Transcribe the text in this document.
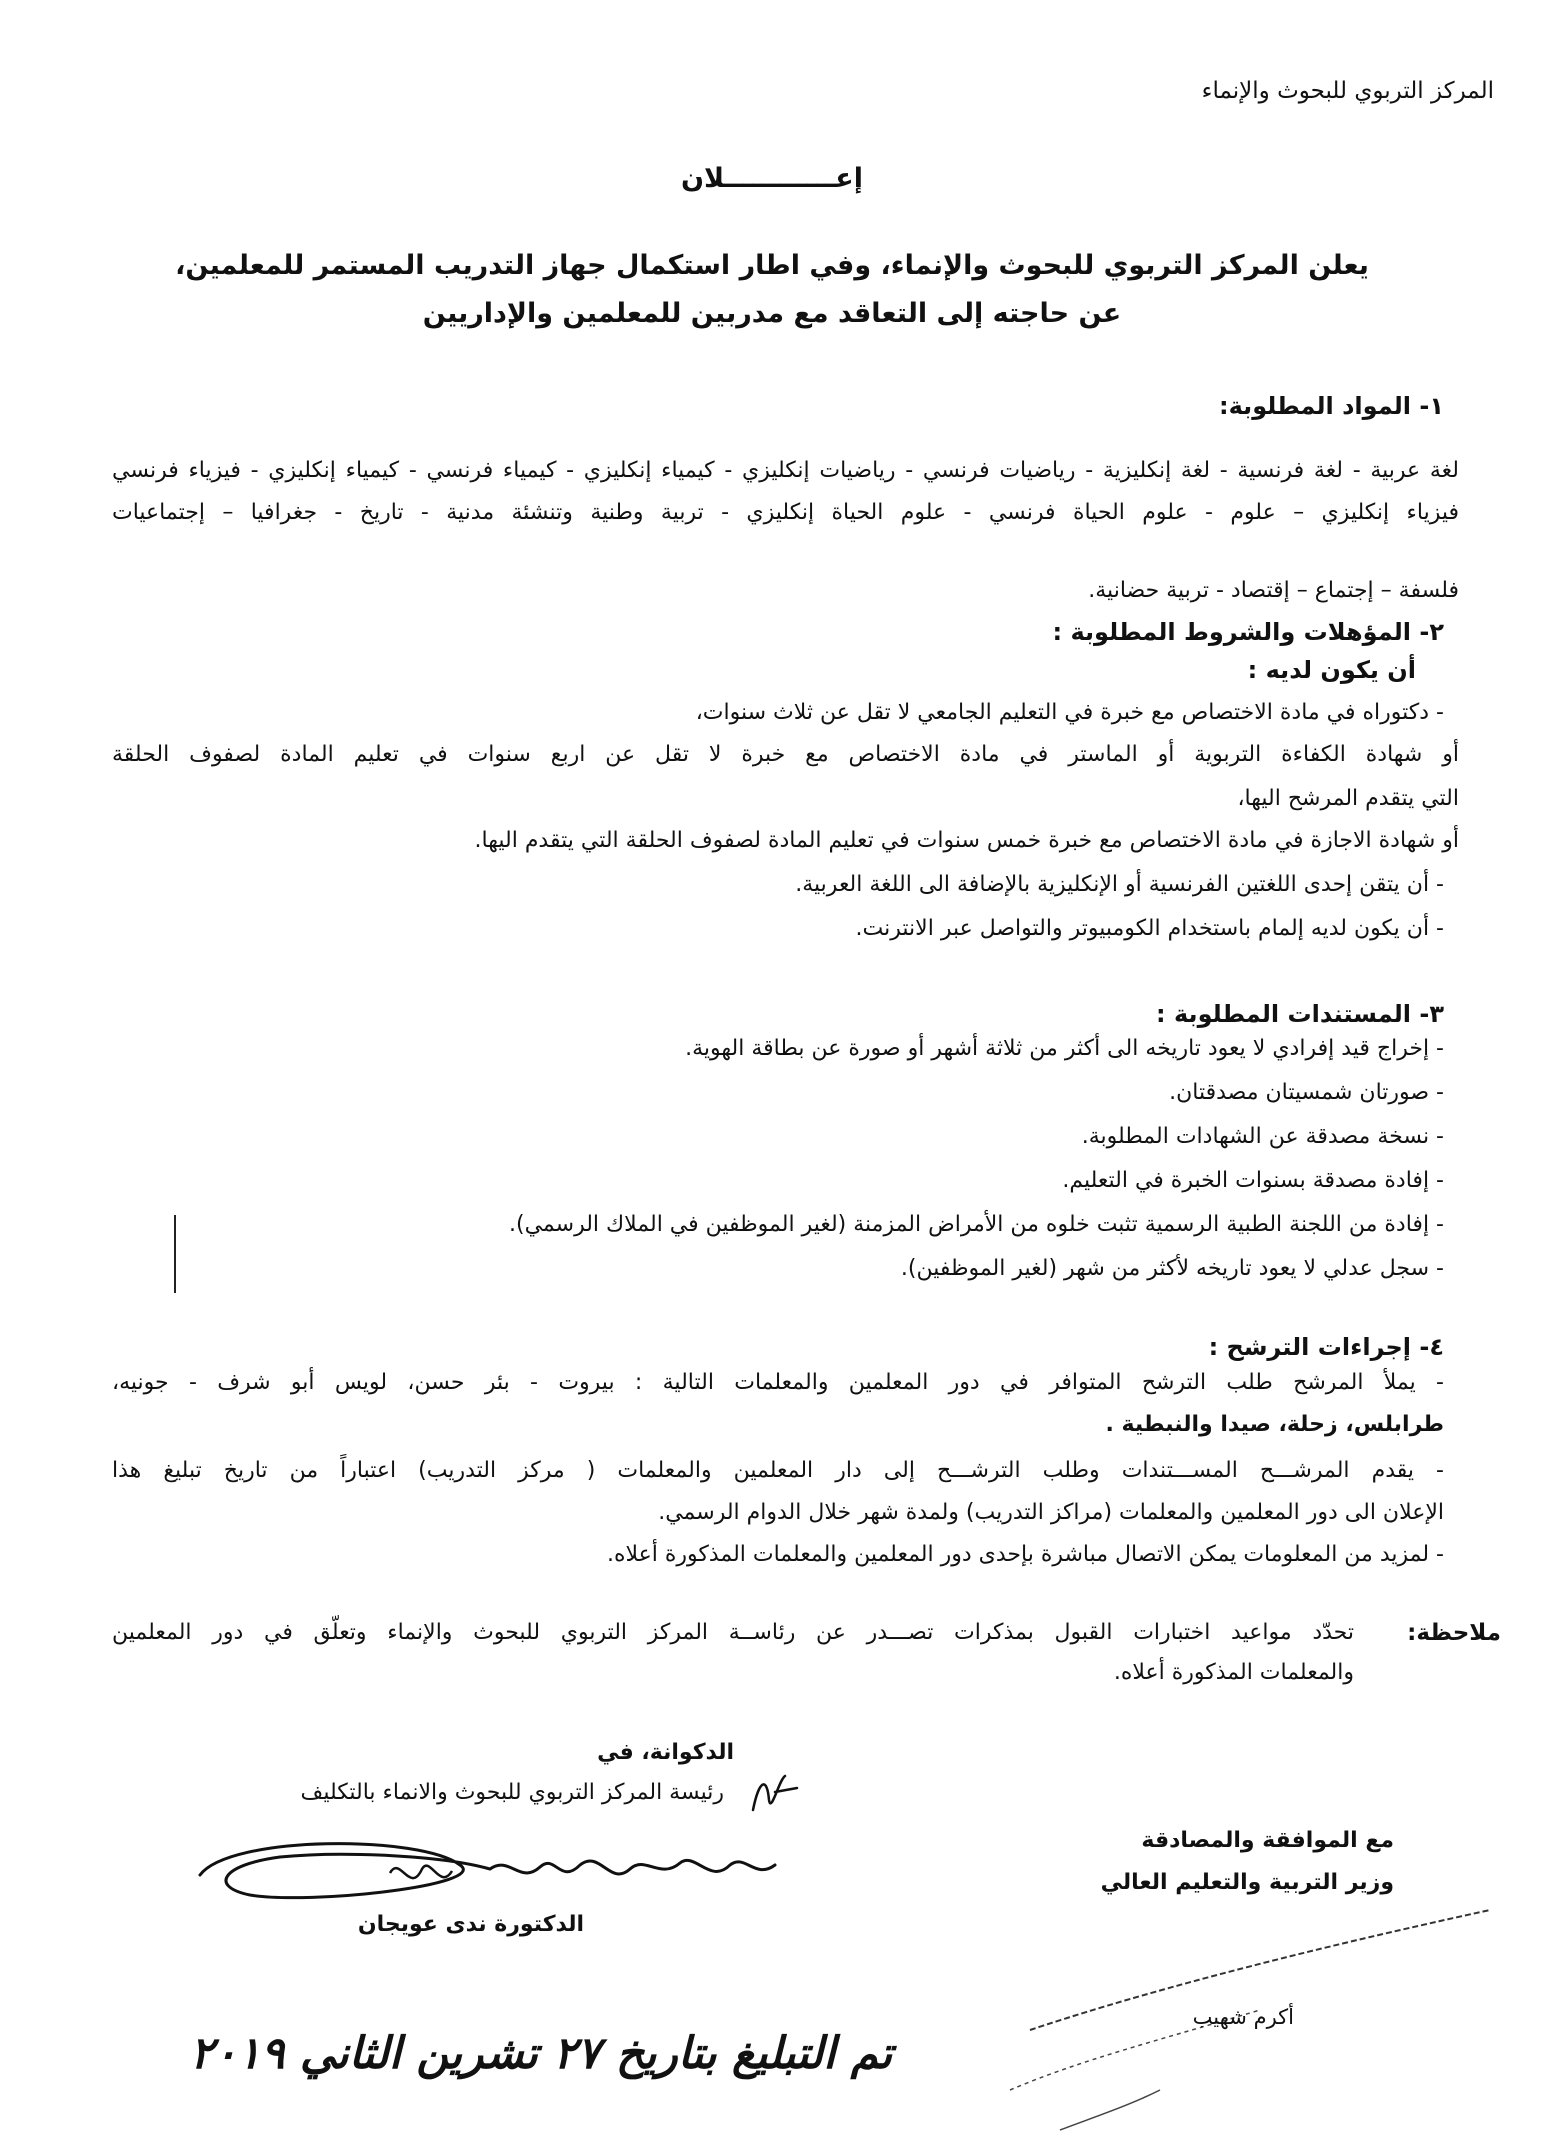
المركز التربوي للبحوث والإنماء
إعــــــــــــلان
يعلن المركز التربوي للبحوث والإنماء، وفي اطار استكمال جهاز التدريب المستمر للمعلمين،
عن حاجته إلى التعاقد مع مدربين للمعلمين والإداريين
١- المواد المطلوبة:
لغة عربية - لغة فرنسية - لغة إنكليزية - رياضيات فرنسي - رياضيات إنكليزي - كيمياء إنكليزي - كيمياء فرنسي - كيمياء إنكليزي - فيزياء فرنسي
فيزياء إنكليزي – علوم - علوم الحياة فرنسي - علوم الحياة إنكليزي - تربية وطنية وتنشئة مدنية - تاريخ - جغرافيا – إجتماعيات
فلسفة – إجتماع – إقتصاد - تربية حضانية.
٢- المؤهلات والشروط المطلوبة :
أن يكون لديه :
- دكتوراه في مادة الاختصاص مع خبرة في التعليم الجامعي لا تقل عن ثلاث سنوات،
أو شهادة الكفاءة التربوية أو الماستر في مادة الاختصاص مع خبرة لا تقل عن اربع سنوات في تعليم المادة لصفوف الحلقة
التي يتقدم المرشح اليها،
أو شهادة الاجازة في مادة الاختصاص مع خبرة خمس سنوات في تعليم المادة لصفوف الحلقة التي يتقدم اليها.
- أن يتقن إحدى اللغتين الفرنسية أو الإنكليزية بالإضافة الى اللغة العربية.
- أن يكون لديه إلمام باستخدام الكومبيوتر والتواصل عبر الانترنت.
٣- المستندات المطلوبة :
- إخراج قيد إفرادي لا يعود تاريخه الى أكثر من ثلاثة أشهر أو صورة عن بطاقة الهوية.
- صورتان شمسيتان مصدقتان.
- نسخة مصدقة عن الشهادات المطلوبة.
- إفادة مصدقة بسنوات الخبرة في التعليم.
- إفادة من اللجنة الطبية الرسمية تثبت خلوه من الأمراض المزمنة (لغير الموظفين في الملاك الرسمي).
- سجل عدلي لا يعود تاريخه لأكثر من شهر (لغير الموظفين).
٤- إجراءات الترشح :
- يملأ المرشح طلب الترشح المتوافر في دور المعلمين والمعلمات التالية : بيروت - بئر حسن، لويس أبو شرف - جونيه،
طرابلس، زحلة، صيدا والنبطية .
- يقدم المرشـــح المســـتندات وطلب الترشـــح إلى دار المعلمين والمعلمات ( مركز التدريب) اعتباراً من تاريخ تبليغ هذا
الإعلان الى دور المعلمين والمعلمات (مراكز التدريب) ولمدة شهر خلال الدوام الرسمي.
- لمزيد من المعلومات يمكن الاتصال مباشرة بإحدى دور المعلمين والمعلمات المذكورة أعلاه.
ملاحظة:
تحدّد مواعيد اختبارات القبول بمذكرات تصـــدر عن رئاســة المركز التربوي للبحوث والإنماء وتعلّق في دور المعلمين
والمعلمات المذكورة أعلاه.
الدكوانة، في
رئيسة المركز التربوي للبحوث والانماء بالتكليف
الدكتورة ندى عويجان
مع الموافقة والمصادقة
وزير التربية والتعليم العالي
أكرم شهيب
تم التبليغ بتاريخ ٢٧ تشرين الثاني ٢٠١٩
